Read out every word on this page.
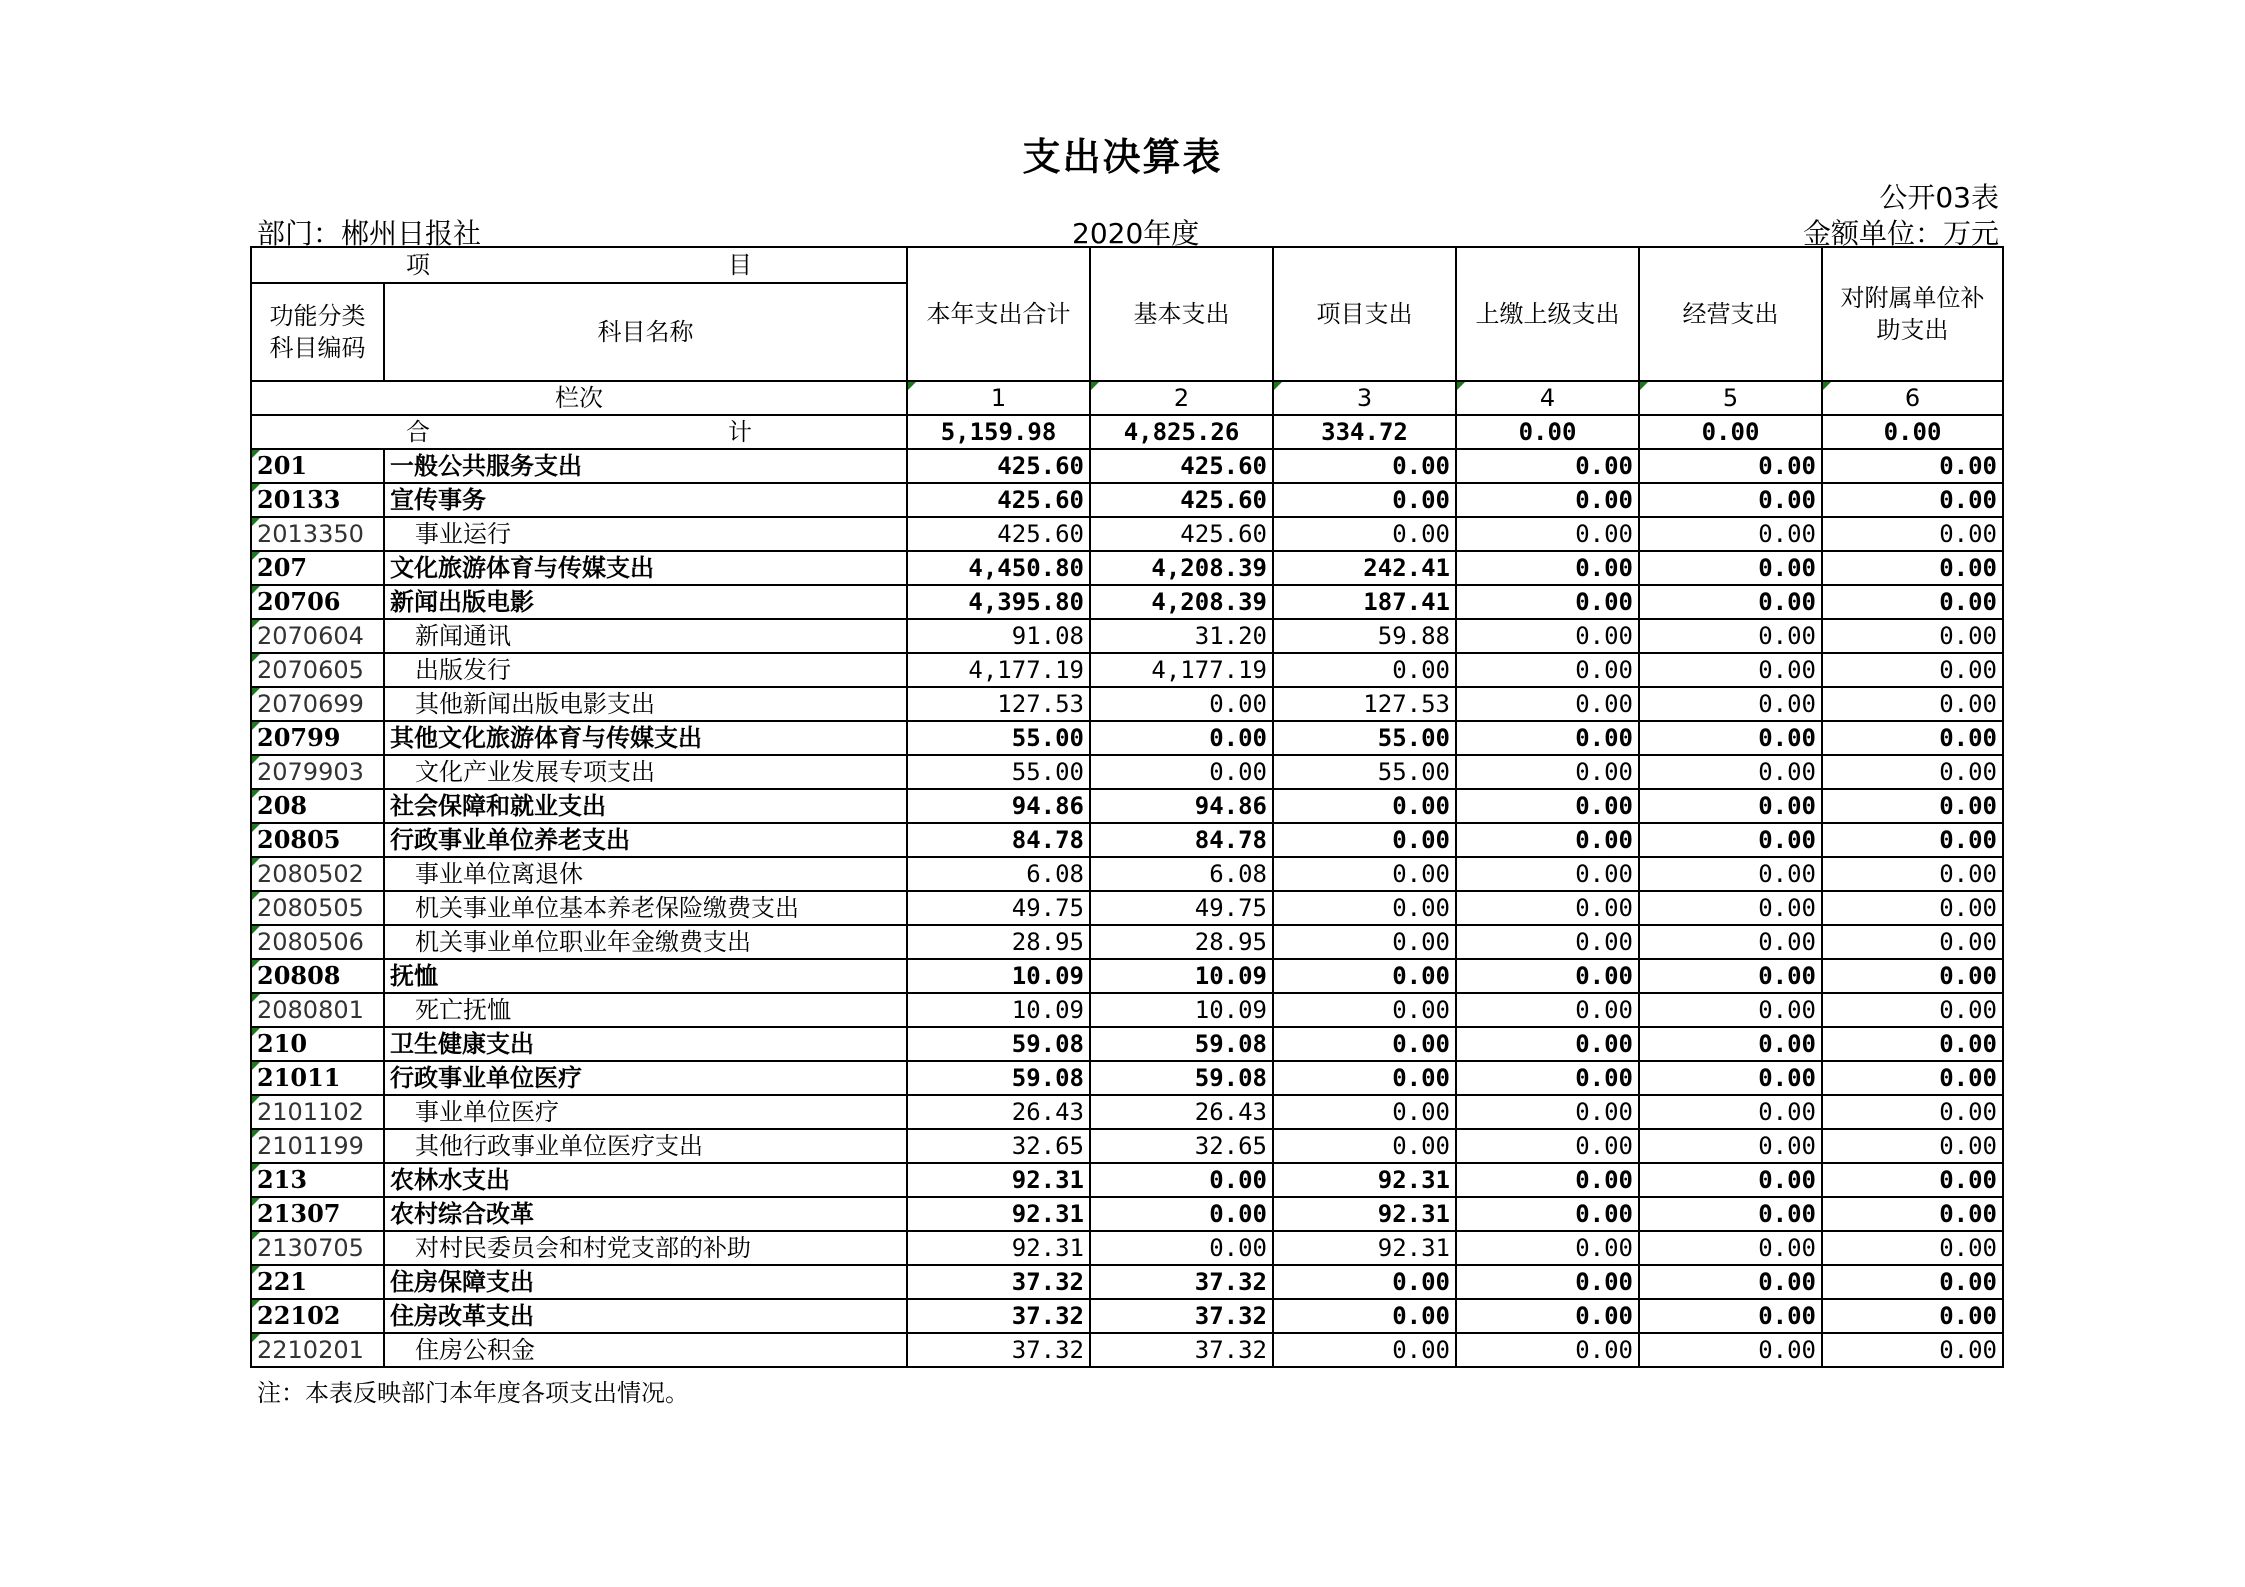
支出决算表
公开03表
部门：郴州日报社	2020年度	金额单位：万元
项 目		本年支出合计	基本支出	项目支出	上缴上级支出	经营支出	对附属单位补
助支出
功能分类
科目编码	科目名称						
栏次		1	2	3	4	5	6
合 计		5,159.98	4,825.26	334.72	0.00	0.00	0.00
201	一般公共服务支出	425.60	425.60	0.00	0.00	0.00	0.00
20133	宣传事务	425.60	425.60	0.00	0.00	0.00	0.00
2013350	事业运行	425.60	425.60	0.00	0.00	0.00	0.00
207	文化旅游体育与传媒支出	4,450.80	4,208.39	242.41	0.00	0.00	0.00
20706	新闻出版电影	4,395.80	4,208.39	187.41	0.00	0.00	0.00
2070604	新闻通讯	91.08	31.20	59.88	0.00	0.00	0.00
2070605	出版发行	4,177.19	4,177.19	0.00	0.00	0.00	0.00
2070699	其他新闻出版电影支出	127.53	0.00	127.53	0.00	0.00	0.00
20799	其他文化旅游体育与传媒支出	55.00	0.00	55.00	0.00	0.00	0.00
2079903	文化产业发展专项支出	55.00	0.00	55.00	0.00	0.00	0.00
208	社会保障和就业支出	94.86	94.86	0.00	0.00	0.00	0.00
20805	行政事业单位养老支出	84.78	84.78	0.00	0.00	0.00	0.00
2080502	事业单位离退休	6.08	6.08	0.00	0.00	0.00	0.00
2080505	机关事业单位基本养老保险缴费支出	49.75	49.75	0.00	0.00	0.00	0.00
2080506	机关事业单位职业年金缴费支出	28.95	28.95	0.00	0.00	0.00	0.00
20808	抚恤	10.09	10.09	0.00	0.00	0.00	0.00
2080801	死亡抚恤	10.09	10.09	0.00	0.00	0.00	0.00
210	卫生健康支出	59.08	59.08	0.00	0.00	0.00	0.00
21011	行政事业单位医疗	59.08	59.08	0.00	0.00	0.00	0.00
2101102	事业单位医疗	26.43	26.43	0.00	0.00	0.00	0.00
2101199	其他行政事业单位医疗支出	32.65	32.65	0.00	0.00	0.00	0.00
213	农林水支出	92.31	0.00	92.31	0.00	0.00	0.00
21307	农村综合改革	92.31	0.00	92.31	0.00	0.00	0.00
2130705	对村民委员会和村党支部的补助	92.31	0.00	92.31	0.00	0.00	0.00
221	住房保障支出	37.32	37.32	0.00	0.00	0.00	0.00
22102	住房改革支出	37.32	37.32	0.00	0.00	0.00	0.00
2210201	住房公积金	37.32	37.32	0.00	0.00	0.00	0.00
注：本表反映部门本年度各项支出情况。
